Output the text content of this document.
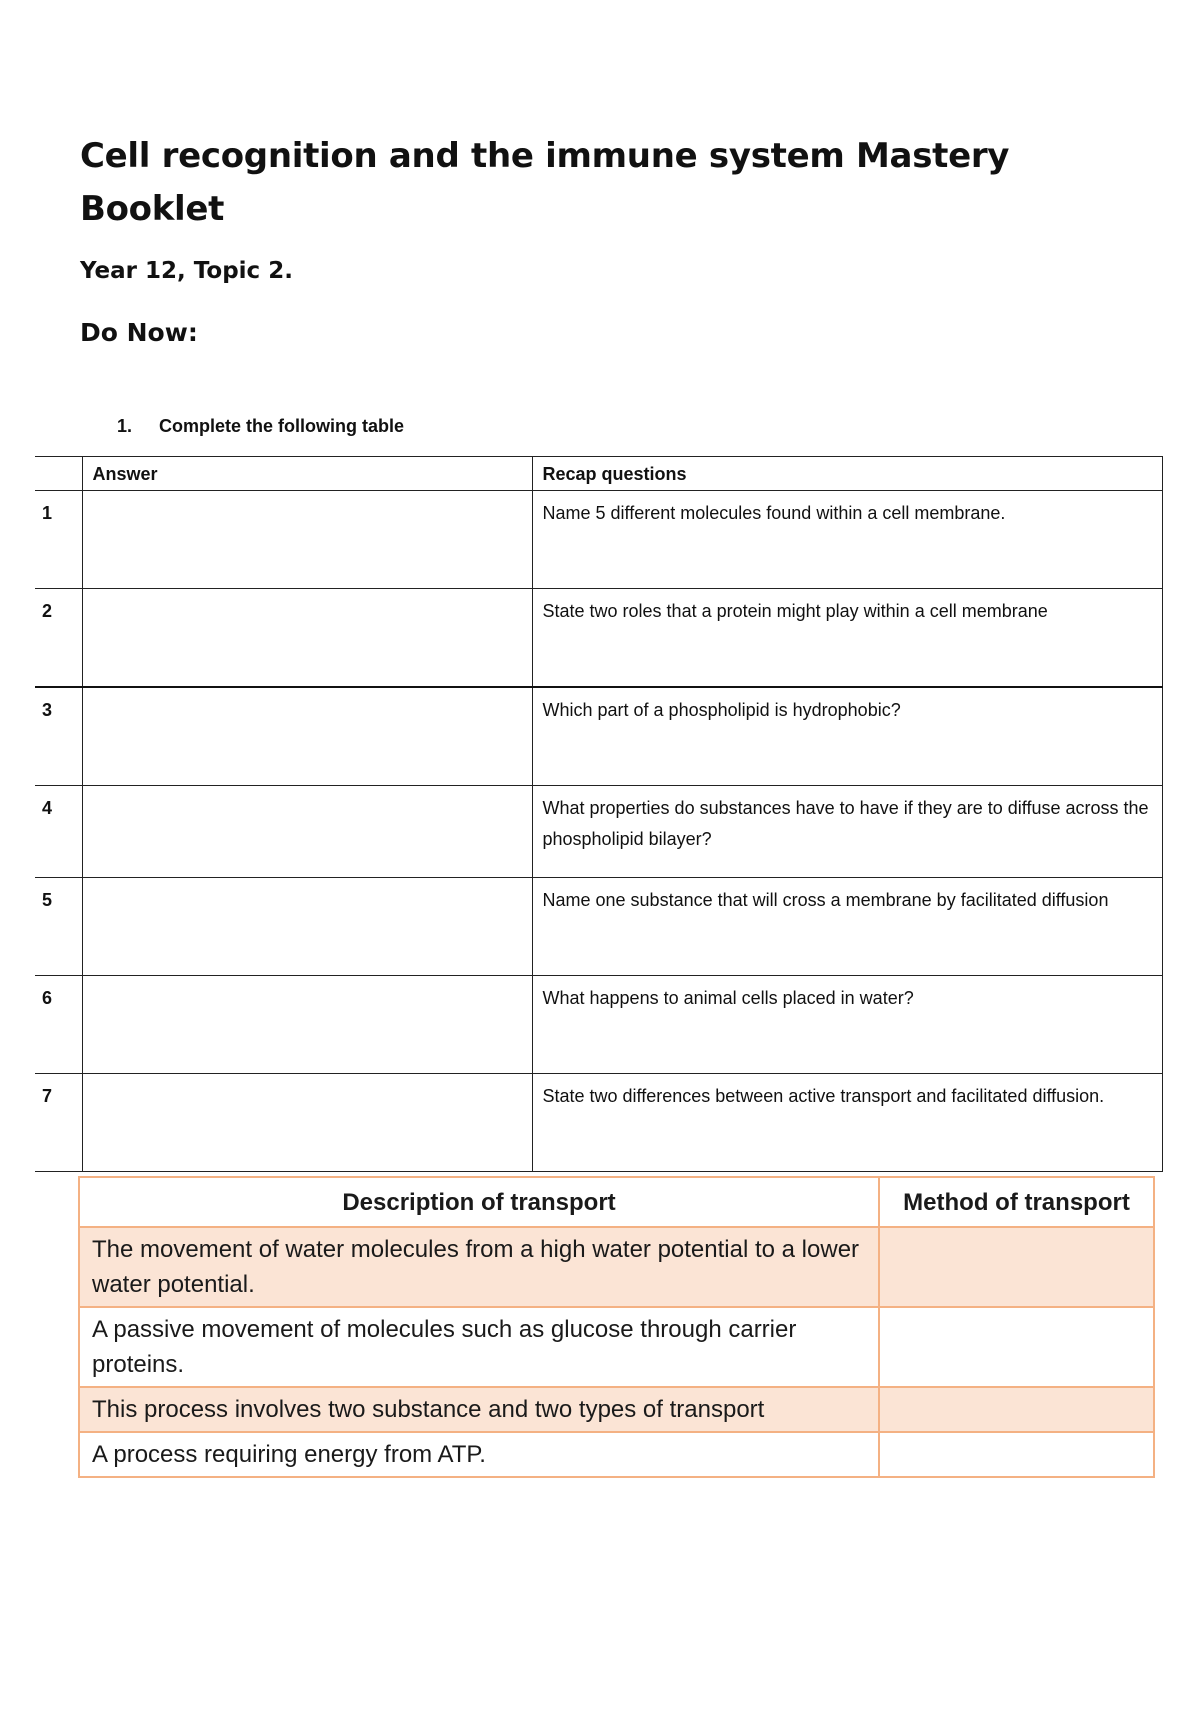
Cell recognition and the immune system Mastery Booklet
Year 12, Topic 2.
Do Now:
1. Complete the following table
	Answer	Recap questions
1		Name 5 different molecules found within a cell membrane.
2		State two roles that a protein might play within a cell membrane
3		Which part of a phospholipid is hydrophobic?
4		What properties do substances have to have if they are to diffuse across the phospholipid bilayer?
5		Name one substance that will cross a membrane by facilitated diffusion
6		What happens to animal cells placed in water?
7		State two differences between active transport and facilitated diffusion.
Description of transport	Method of transport
The movement of water molecules from a high water potential to a lower water potential.	
A passive movement of molecules such as glucose through carrier proteins.	
This process involves two substance and two types of transport	
A process requiring energy from ATP.	
